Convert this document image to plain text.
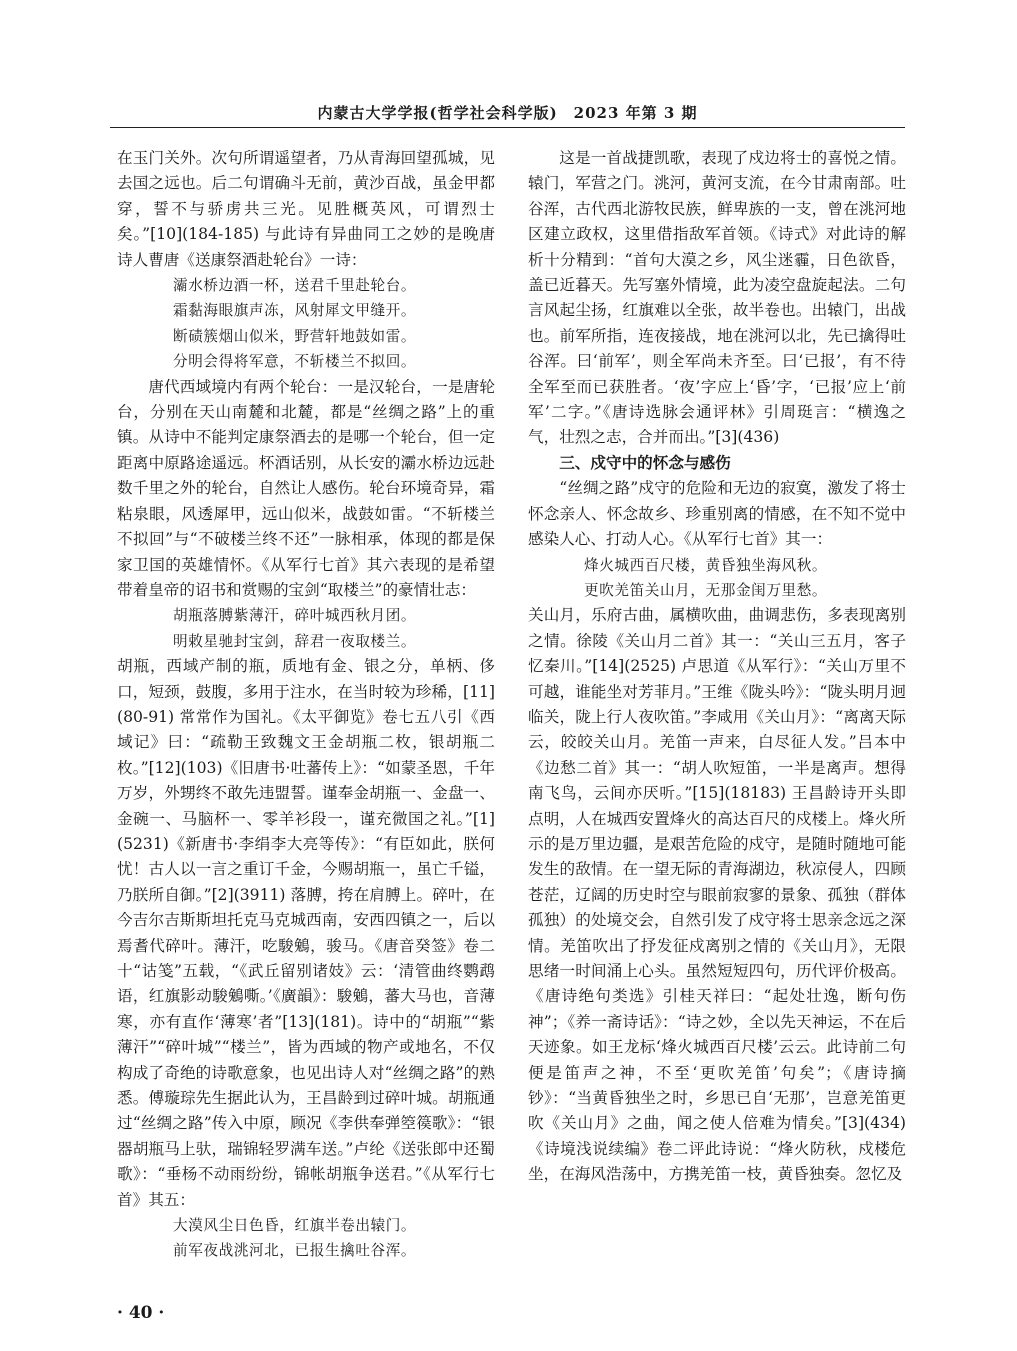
内蒙古大学学报(哲学社会科学版)　2023 年第 3 期

在玉门关外。次句所谓遥望者，乃从青海回望孤城，见去国之远也。后二句谓确斗无前，黄沙百战，虽金甲都穿，誓不与骄虏共三光。见胜概英风，可谓烈士矣。”[10](184-185) 与此诗有异曲同工之妙的是晚唐诗人曹唐《送康祭酒赴轮台》一诗：

灞水桥边酒一杯，送君千里赴轮台。

霜黏海眼旗声冻，风射犀文甲缝开。

断碛簇烟山似米，野营轩地鼓如雷。

分明会得将军意，不斩楼兰不拟回。

唐代西域境内有两个轮台：一是汉轮台，一是唐轮台，分别在天山南麓和北麓，都是“丝绸之路”上的重镇。从诗中不能判定康祭酒去的是哪一个轮台，但一定距离中原路途遥远。杯酒话别，从长安的灞水桥边远赴数千里之外的轮台，自然让人感伤。轮台环境奇异，霜粘泉眼，风透犀甲，远山似米，战鼓如雷。“不斩楼兰不拟回”与“不破楼兰终不还”一脉相承，体现的都是保家卫国的英雄情怀。《从军行七首》其六表现的是希望带着皇帝的诏书和赏赐的宝剑“取楼兰”的豪情壮志：

胡瓶落膊紫薄汗，碎叶城西秋月团。

明敕星驰封宝剑，辞君一夜取楼兰。

胡瓶，西域产制的瓶，质地有金、银之分，单柄、侈口，短颈，鼓腹，多用于注水，在当时较为珍稀，[11](80-91) 常常作为国礼。《太平御览》卷七五八引《西域记》曰：“疏勒王致魏文王金胡瓶二枚，银胡瓶二枚。”[12](103)《旧唐书·吐蕃传上》：“如蒙圣恩，千年万岁，外甥终不敢先违盟誓。谨奉金胡瓶一、金盘一、金碗一、马脑杯一、零羊衫段一，谨充微国之礼。”[1](5231)《新唐书·李绢李大亮等传》：“有臣如此，朕何忧！古人以一言之重订千金，今赐胡瓶一，虽亡千镒，乃朕所自御。”[2](3911) 落膊，挎在肩膊上。碎叶，在今吉尔吉斯斯坦托克马克城西南，安西四镇之一，后以焉耆代碎叶。薄汗，吃駿鵵，骏马。《唐音癸签》卷二十“诂笺”五载，“《武丘留别诸妓》云：‘清管曲终鹦鹉语，红旗影动駿鵵嘶。’《廣韻》：駿鵵，蕃大马也，音薄寒，亦有直作‘薄寒’者”[13](181)。诗中的“胡瓶”“紫薄汗”“碎叶城”“楼兰”，皆为西域的物产或地名，不仅构成了奇绝的诗歌意象，也见出诗人对“丝绸之路”的熟悉。傅璇琮先生据此认为，王昌龄到过碎叶城。胡瓶通过“丝绸之路”传入中原，顾况《李供奉弹箜篌歌》：“银器胡瓶马上驮，瑞锦轻罗满车送。”卢纶《送张郎中还蜀歌》：“垂杨不动雨纷纷，锦帐胡瓶争送君。”《从军行七首》其五：

大漠风尘日色昏，红旗半卷出辕门。

前军夜战洮河北，已报生擒吐谷浑。

这是一首战捷凯歌，表现了戍边将士的喜悦之情。辕门，军营之门。洮河，黄河支流，在今甘肃南部。吐谷浑，古代西北游牧民族，鲜卑族的一支，曾在洮河地区建立政权，这里借指敌军首领。《诗式》对此诗的解析十分精到：“首句大漠之乡，风尘迷霾，日色欲昏，盖已近暮天。先写塞外情境，此为凌空盘旋起法。二句言风起尘扬，红旗难以全张，故半卷也。出辕门，出战也。前军所指，连夜接战，地在洮河以北，先已擒得吐谷浑。曰‘前军’，则全军尚未齐至。曰‘已报’，有不待全军至而已获胜者。‘夜’字应上‘昏’字，‘已报’应上‘前军’二字。”《唐诗选脉会通评林》引周珽言：“横逸之气，壮烈之志，合并而出。”[3](436)

三、戍守中的怀念与感伤

“丝绸之路”戍守的危险和无边的寂寞，激发了将士怀念亲人、怀念故乡、珍重别离的情感，在不知不觉中感染人心、打动人心。《从军行七首》其一：

烽火城西百尺楼，黄昏独坐海风秋。

更吹羌笛关山月，无那金闺万里愁。

关山月，乐府古曲，属横吹曲，曲调悲伤，多表现离别之情。徐陵《关山月二首》其一：“关山三五月，客子忆秦川。”[14](2525) 卢思道《从军行》：“关山万里不可越，谁能坐对芳菲月。”王维《陇头吟》：“陇头明月迥临关，陇上行人夜吹笛。”李咸用《关山月》：“离离天际云，皎皎关山月。羌笛一声来，白尽征人发。”吕本中《边愁二首》其一：“胡人吹短笛，一半是离声。想得南飞鸟，云间亦厌听。”[15](18183) 王昌龄诗开头即点明，人在城西安置烽火的高达百尺的戍楼上。烽火所示的是万里边疆，是艰苦危险的戍守，是随时随地可能发生的敌情。在一望无际的青海湖边，秋凉侵人，四顾苍茫，辽阔的历史时空与眼前寂寥的景象、孤独（群体孤独）的处境交会，自然引发了戍守将士思亲念远之深情。羌笛吹出了抒发征戍离别之情的《关山月》，无限思绪一时间涌上心头。虽然短短四句，历代评价极高。《唐诗绝句类选》引桂天祥曰：“起处壮逸，断句伤神”；《养一斋诗话》：“诗之妙，全以先天神运，不在后天迹象。如王龙标‘烽火城西百尺楼’云云。此诗前二句便是笛声之神，不至‘更吹羌笛’句矣”；《唐诗摘钞》：“当黄昏独坐之时，乡思已自‘无那’，岂意羌笛更吹《关山月》之曲，闻之使人倍难为情矣。”[3](434)《诗境浅说续编》卷二评此诗说：“烽火防秋，戍楼危坐，在海风浩荡中，方携羌笛一枝，黄昏独奏。忽忆及

· 40 ·
